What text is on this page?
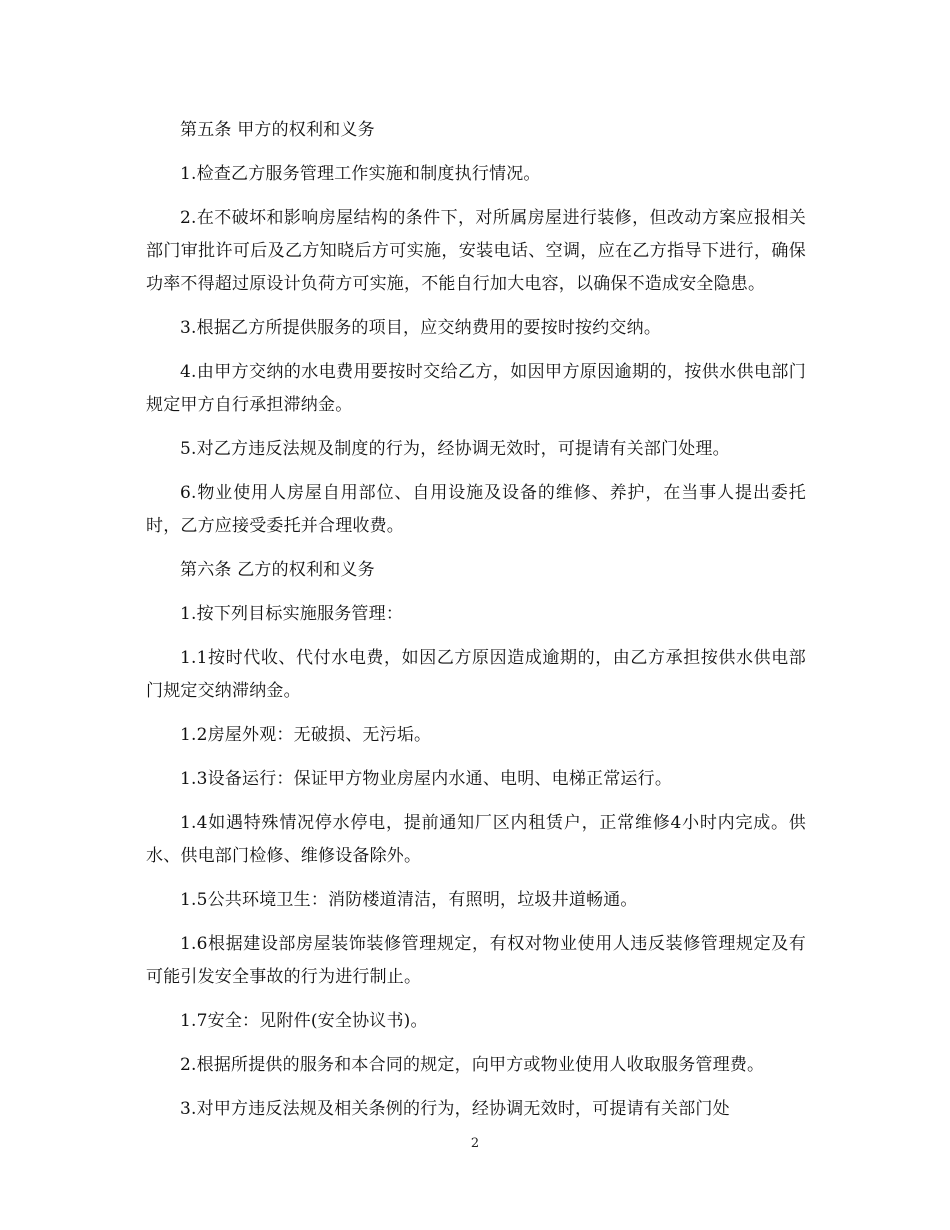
第五条 甲方的权利和义务

1.检查乙方服务管理工作实施和制度执行情况。

2.在不破坏和影响房屋结构的条件下，对所属房屋进行装修，但改动方案应报相关部门审批许可后及乙方知晓后方可实施，安装电话、空调，应在乙方指导下进行，确保功率不得超过原设计负荷方可实施，不能自行加大电容，以确保不造成安全隐患。

3.根据乙方所提供服务的项目，应交纳费用的要按时按约交纳。

4.由甲方交纳的水电费用要按时交给乙方，如因甲方原因逾期的，按供水供电部门规定甲方自行承担滞纳金。

5.对乙方违反法规及制度的行为，经协调无效时，可提请有关部门处理。

6.物业使用人房屋自用部位、自用设施及设备的维修、养护，在当事人提出委托时，乙方应接受委托并合理收费。

第六条 乙方的权利和义务

1.按下列目标实施服务管理：

1.1按时代收、代付水电费，如因乙方原因造成逾期的，由乙方承担按供水供电部门规定交纳滞纳金。

1.2房屋外观：无破损、无污垢。

1.3设备运行：保证甲方物业房屋内水通、电明、电梯正常运行。

1.4如遇特殊情况停水停电，提前通知厂区内租赁户，正常维修4小时内完成。供水、供电部门检修、维修设备除外。

1.5公共环境卫生：消防楼道清洁，有照明，垃圾井道畅通。

1.6根据建设部房屋装饰装修管理规定，有权对物业使用人违反装修管理规定及有可能引发安全事故的行为进行制止。

1.7安全：见附件(安全协议书)。

2.根据所提供的服务和本合同的规定，向甲方或物业使用人收取服务管理费。

3.对甲方违反法规及相关条例的行为，经协调无效时，可提请有关部门处

2
